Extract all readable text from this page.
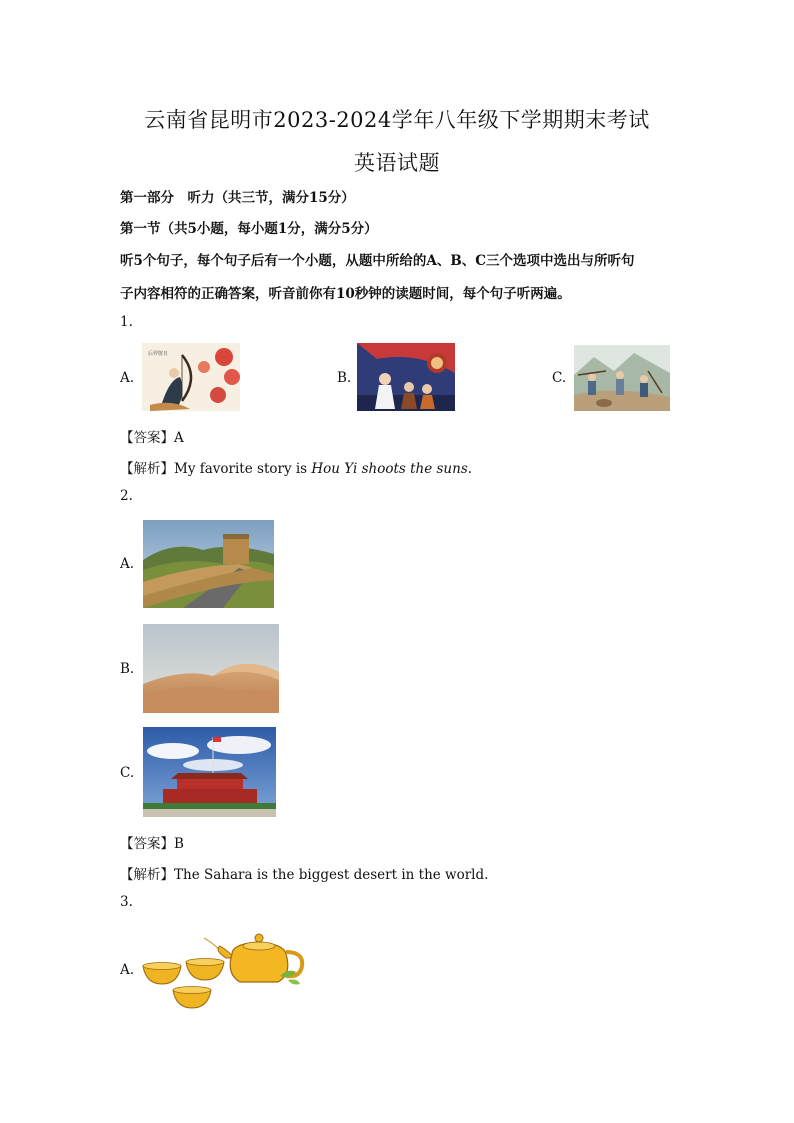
云南省昆明市2023-2024学年八年级下学期期末考试
英语试题
第一部分　听力（共三节，满分15分）
第一节（共5小题，每小题1分，满分5分）
听5个句子，每个句子后有一个小题，从题中所给的A、B、C三个选项中选出与所听句
子内容相符的正确答案，听音前你有10秒钟的读题时间，每个句子听两遍。
1.
A.
后羿射日
B.	C.
【答案】A
【解析】My favorite story is Hou Yi shoots the suns.
2.
A.
B.
C.
【答案】B
【解析】The Sahara is the biggest desert in the world.
3.
A.
